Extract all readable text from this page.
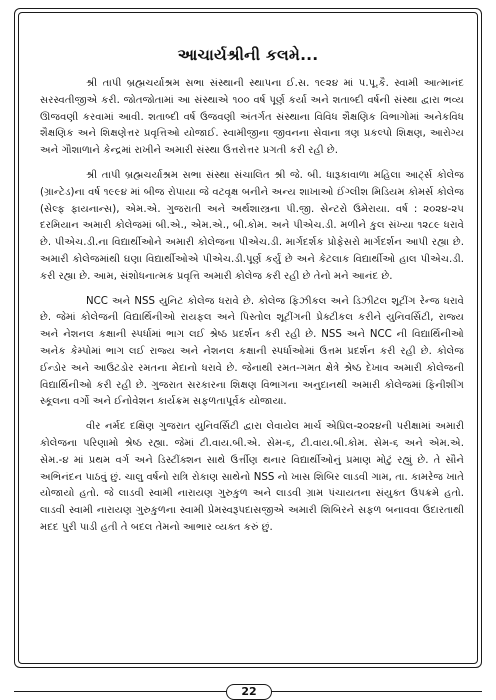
આચાર્યશ્રીની કલમે...

શ્રી તાપી બ્રહ્મચર્યાશ્રમ સભા સંસ્થાની સ્થાપના ઈ.સ. ૧૯૨૪ માં પ.પૂ.કૈ. સ્વામી આત્માનંદ સરસ્વતીજીએ કરી. જોતજોતામાં આ સંસ્થાએ ૧૦૦ વર્ષ પૂર્ણ કર્યા અને શતાબ્દી વર્ષની સંસ્થા દ્વારા ભવ્ય ઊજવણી કરવામાં આવી. શતાબ્દી વર્ષ ઉજવણી અંતર્ગત સંસ્થાના વિવિધ શૈક્ષણિક વિભાગોમાં અનેકવિધ શૈક્ષણિક અને શિક્ષણેત્તર પ્રવૃત્તિઓ યોજાઈ. સ્વામીજીના જીવનના સેવાના ત્રણ પ્રકલ્પો શિક્ષણ, આરોગ્ય અને ગૌશાળાને કેન્દ્રમાં રાખીને અમારી સંસ્થા ઉત્તરોત્તર પ્રગતી કરી રહી છે.

શ્રી તાપી બ્રહ્મચર્યાશ્રમ સભા સંસ્થા સંચાલિત શ્રી જે. બી. ધારૂકાવાળા મહિલા આર્ટ્સ કોલેજ (ગ્રાન્ટેડ)ના વર્ષ ૧૯૯૪ માં બીજ રોપાયા જે વટવૃક્ષ બનીને અન્ય શાખાઓ ઈંગ્લીશ મિડિયમ કોમર્સ કોલેજ (સેલ્ફ ફાયનાન્સ), એમ.એ. ગુજરાતી અને અર્થશાસ્ત્રના પી.જી. સેન્ટરો ઉમેરાયા. વર્ષ : ૨૦૨૪-૨૫ દરમિયાન અમારી કોલેજમાં બી.એ., એમ.એ., બી.કોમ. અને પીએચ.ડી. મળીને કુલ સંખ્યા ૧૨૮૯ ધરાવે છે. પીએચ.ડી.ના વિદ્યાર્થીઓને અમારી કોલેજના પીએચ.ડી. માર્ગદર્શક પ્રોફેસરો માર્ગદર્શન આપી રહ્યા છે. અમારી કોલેજમાંથી ઘણા વિદ્યાર્થીઓએ પીએચ.ડી.પૂર્ણ કર્યું છે અને કેટલાક વિદ્યાર્થીઓ હાલ પીએચ.ડી. કરી રહ્યા છે. આમ, સંશોધનાત્મક પ્રવૃત્તિ અમારી કોલેજ કરી રહી છે તેનો મને આનંદ છે.

NCC અને NSS યુનિટ કોલેજ ધરાવે છે. કોલેજ ફિઝીકલ અને ડિઝીટલ શૂટીંગ રેન્જ ધરાવે છે. જેમાં કોલેજની વિદ્યાર્થિનીઓ રાયફલ અને પિસ્તોલ શૂટીંગની પ્રેક્ટીકલ કરીને યુનિવર્સિટી, રાજ્ય અને નેશનલ કક્ષાની સ્પર્ધામાં ભાગ લઈ શ્રેષ્ઠ પ્રદર્શન કરી રહી છે. NSS અને NCC ની વિદ્યાર્થિનીઓ અનેક કેમ્પોમાં ભાગ લઈ રાજ્ય અને નેશનલ કક્ષાની સ્પર્ધાઓમાં ઉત્તમ પ્રદર્શન કરી રહી છે. કોલેજ ઈન્ડોર અને આઉટડોર રમતના મેદાનો ધરાવે છે. જેનાથી રમત-ગમત ક્ષેત્રે શ્રેષ્ઠ દેખાવ અમારી કોલેજની વિદ્યાર્થિનીઓ કરી રહી છે. ગુજરાત સરકારના શિક્ષણ વિભાગના અનુદાનથી અમારી કોલેજમાં ફિનીશીંગ સ્કૂલના વર્ગો અને ઈનોવેશન કાર્યક્રમ સફળતાપૂર્વક યોજાયા.

વીર નર્મદ દક્ષિણ ગુજરાત યુનિવર્સિટી દ્વારા લેવાયેલ માર્ચ એપ્રિલ-૨૦૨૪ની પરીક્ષામાં અમારી કોલેજના પરિણામો શ્રેષ્ઠ રહ્યા. જેમાં ટી.વાય.બી.એ. સેમ-૬, ટી.વાય.બી.કોમ. સેમ-૬ અને એમ.એ. સેમ.-૪ માં પ્રથમ વર્ગ અને ડિસ્ટીંક્શન સાથે ઉર્ત્તીણ થનાર વિદ્યાર્થીઓનું પ્રમાણ મોટું રહ્યું છે. તે સૌને અભિનંદન પાઠવું છું. ચાલુ વર્ષનો રાત્રિ રોકાણ સાથેનો NSS નો ખાસ શિબિર લાડવી ગામ, તા. કામરેજ ખાતે યોજાયો હતો. જે લાડવી સ્વામી નારાયણ ગુરુકુળ અને લાડવી ગ્રામ પંચાયતના સંયુક્ત ઉપક્રમે હતો. લાડવી સ્વામી નારાયણ ગુરુકુળના સ્વામી પ્રેમસ્વરૂપદાસજીએ અમારી શિબિરને સફળ બનાવવા ઉદારતાથી મદદ પુરી પાડી હતી તે બદલ તેમનો આભાર વ્યક્ત કરું છું.

22
